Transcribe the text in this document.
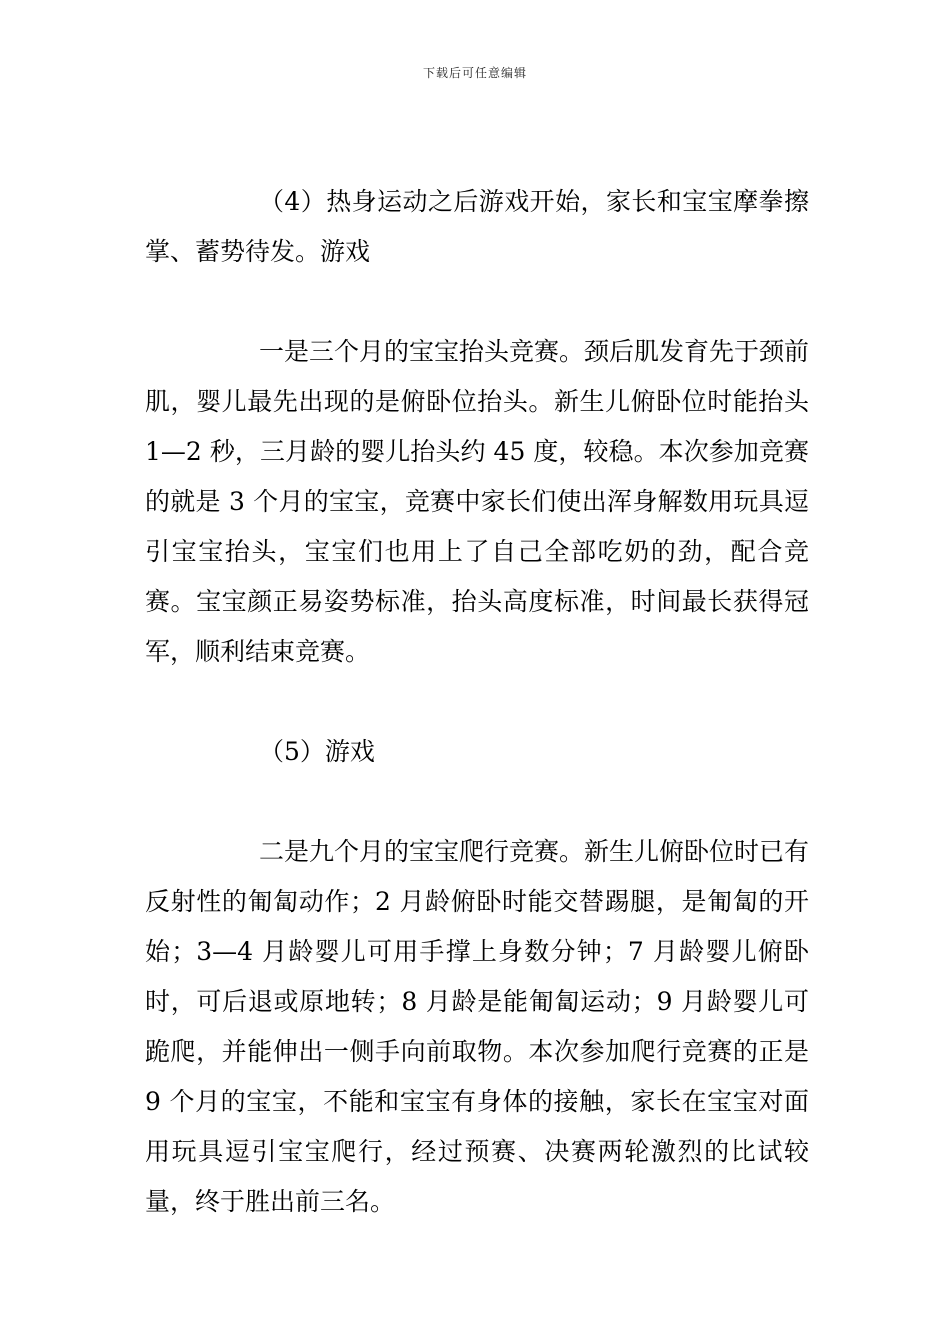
下载后可任意编辑

（4）热身运动之后游戏开始，家长和宝宝摩拳擦掌、蓄势待发。游戏

一是三个月的宝宝抬头竞赛。颈后肌发育先于颈前肌，婴儿最先出现的是俯卧位抬头。新生儿俯卧位时能抬头 1—2 秒，三月龄的婴儿抬头约 45 度，较稳。本次参加竞赛的就是 3 个月的宝宝，竞赛中家长们使出浑身解数用玩具逗引宝宝抬头，宝宝们也用上了自己全部吃奶的劲，配合竞赛。宝宝颜正易姿势标准，抬头高度标准，时间最长获得冠军，顺利结束竞赛。

（5）游戏

二是九个月的宝宝爬行竞赛。新生儿俯卧位时已有反射性的匍匐动作；2 月龄俯卧时能交替踢腿，是匍匐的开始；3—4 月龄婴儿可用手撑上身数分钟；7 月龄婴儿俯卧时，可后退或原地转；8 月龄是能匍匐运动；9 月龄婴儿可跪爬，并能伸出一侧手向前取物。本次参加爬行竞赛的正是 9 个月的宝宝，不能和宝宝有身体的接触，家长在宝宝对面用玩具逗引宝宝爬行，经过预赛、决赛两轮激烈的比试较量，终于胜出前三名。
